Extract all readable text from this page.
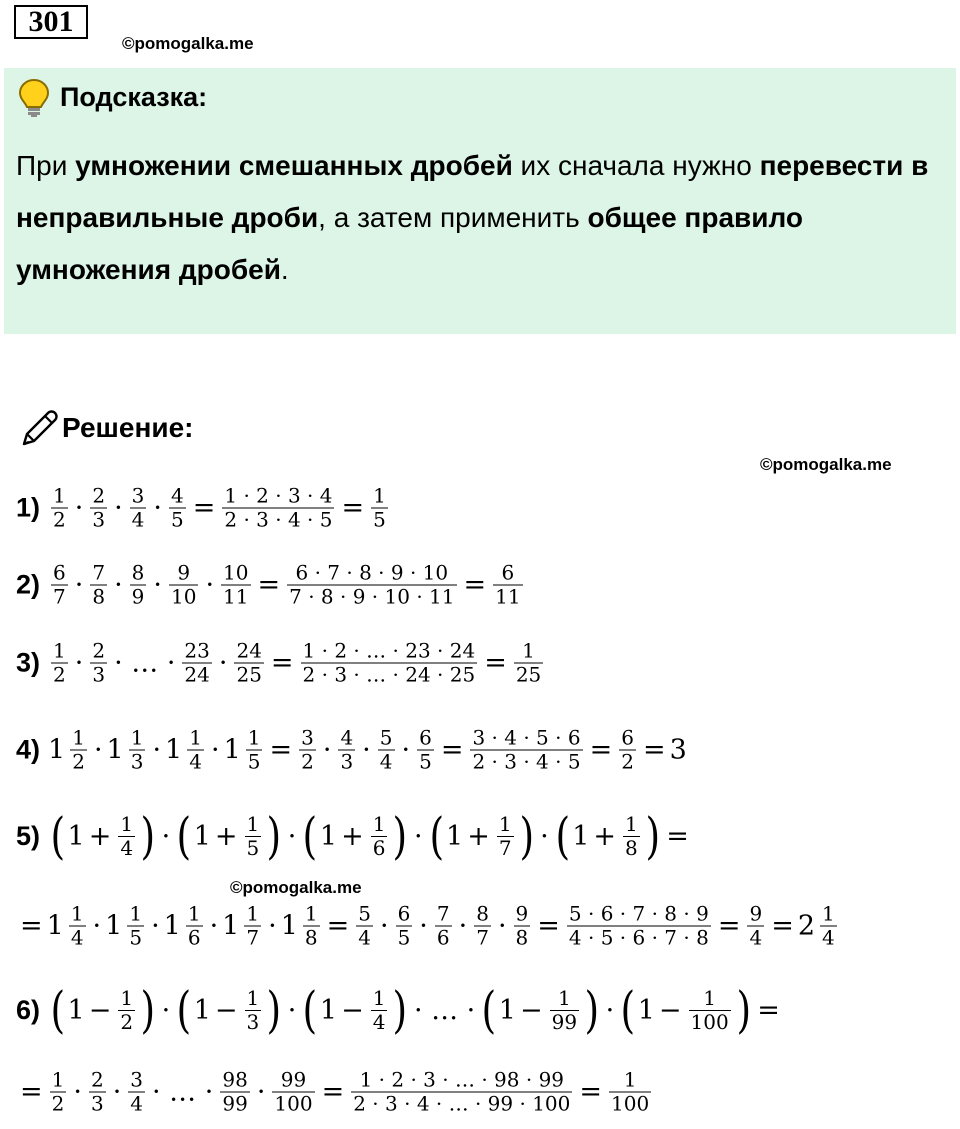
301
©pomogalka.me
Подсказка:
При умножении смешанных дробей их сначала нужно перевести в неправильные дроби, а затем применить общее правило умножения дробей.
Решение:
©pomogalka.me
©pomogalka.me
$1) \frac{1}{2} \cdot \frac{2}{3} \cdot \frac{3}{4} \cdot \frac{4}{5} = \frac{1 \cdot 2 \cdot 3 \cdot 4}{2 \cdot 3 \cdot 4 \cdot 5} = \frac{1}{5}$
$2) \frac{6}{7} \cdot \frac{7}{8} \cdot \frac{8}{9} \cdot \frac{9}{10} \cdot \frac{10}{11} = \frac{6 \cdot 7 \cdot 8 \cdot 9 \cdot 10}{7 \cdot 8 \cdot 9 \cdot 10 \cdot 11} = \frac{6}{11}$
$3) \frac{1}{2} \cdot \frac{2}{3}$ · … · $\frac{23}{24} \cdot \frac{24}{25} = \frac{1 \cdot 2 \cdot \dots \cdot 23 \cdot 24}{2 \cdot 3 \cdot \dots \cdot 24 \cdot 25} = \frac{1}{25}$
4) $1 \frac{1}{2} \cdot 1 \frac{1}{3} \cdot 1 \frac{1}{4} \cdot 1 \frac{1}{5} = \frac{3}{2} \cdot \frac{4}{3} \cdot \frac{5}{4} \cdot \frac{6}{5} = \frac{3 \cdot 4 \cdot 5 \cdot 6}{2 \cdot 3 \cdot 4 \cdot 5} = \frac{6}{2} = 3$
5) ( $1 + \frac{1}{4}$ ) · ( $1 + \frac{1}{5}$ ) · ( $1 + \frac{1}{6}$ ) · ( $1 + \frac{1}{7}$ ) · ( $1 + \frac{1}{8}$ ) =
= $1 \frac{1}{4} \cdot 1 \frac{1}{5} \cdot 1 \frac{1}{6} \cdot 1 \frac{1}{7} \cdot 1 \frac{1}{8} = \frac{5}{4} \cdot \frac{6}{5} \cdot \frac{7}{6} \cdot \frac{8}{7} \cdot \frac{9}{8} = \frac{5 \cdot 6 \cdot 7 \cdot 8 \cdot 9}{4 \cdot 5 \cdot 6 \cdot 7 \cdot 8} = \frac{9}{4} = 2 \frac{1}{4}$
6) ( $1 - \frac{1}{2}$ ) · ( $1 - \frac{1}{3}$ ) · ( $1 - \frac{1}{4}$ ) · … · ( $1 - \frac{1}{99}$ ) · ( $1 - \frac{1}{100}$ ) =
= $\frac{1}{2} \cdot \frac{2}{3} \cdot \frac{3}{4}$ · … · $\frac{98}{99} \cdot \frac{99}{100} = \frac{1 \cdot 2 \cdot 3 \cdot \dots \cdot 98 \cdot 99}{2 \cdot 3 \cdot 4 \cdot \dots \cdot 99 \cdot 100} = \frac{1}{100}$
